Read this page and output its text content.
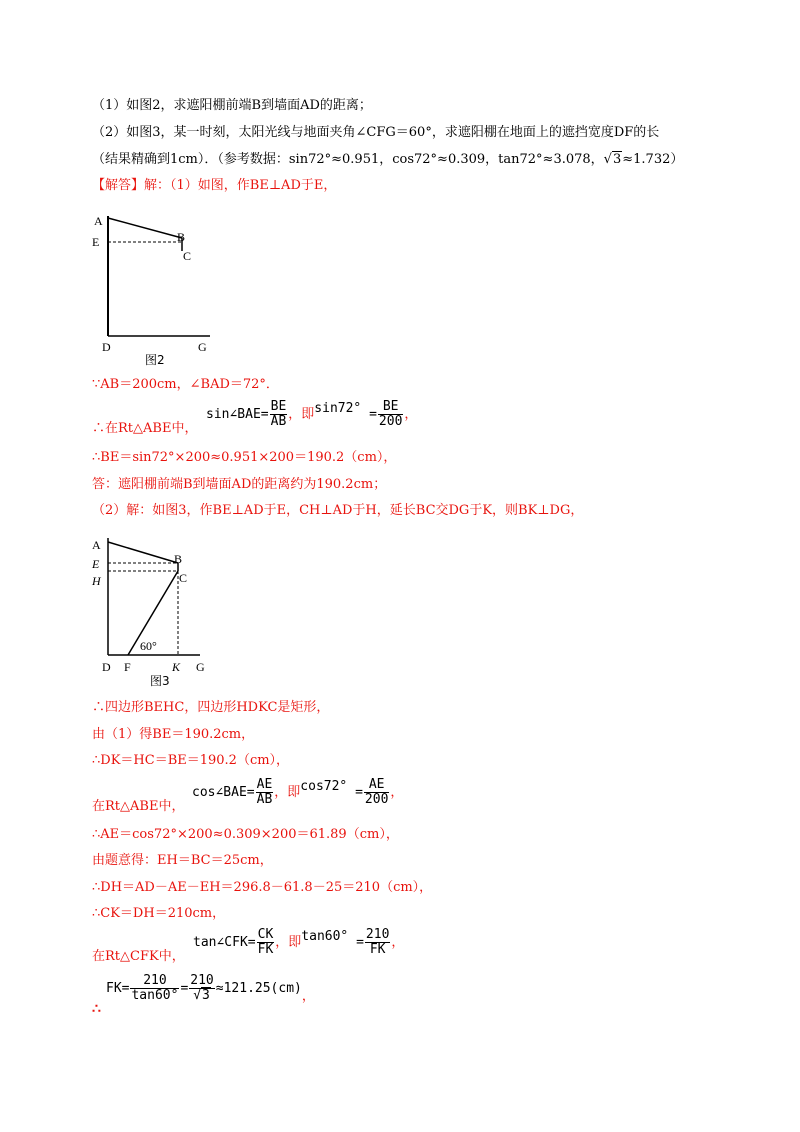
（1）如图2，求遮阳棚前端B到墙面AD的距离；
（2）如图3，某一时刻，太阳光线与地面夹角∠CFG＝60°，求遮阳棚在地面上的遮挡宽度DF的长
（结果精确到1cm）．（参考数据：sin72°≈0.951，cos72°≈0.309，tan72°≈3.078，√3≈1.732）
【解答】解：（1）如图，作BE⊥AD于E，
A
E	B
C
D	G
图2
∵AB＝200cm，∠BAD＝72°．
∴在Rt△ABE中，
sin∠BAE= $\frac{BE}{AB}$ ，即$\sin 72^\circ = \frac{BE}{200}$ ，
∴BE＝sin72°×200≈0.951×200＝190.2（cm），
答：遮阳棚前端B到墙面AD的距离约为190.2cm；
（2）解：如图3，作BE⊥AD于E，CH⊥AD于H，延长BC交DG于K，则BK⊥DG，
A
B
E
H	C
60°
D F	K G
图3
∴四边形BEHC，四边形HDKC是矩形，
由（1）得BE＝190.2cm，
∴DK＝HC＝BE＝190.2（cm），
在Rt△ABE中，
cos∠BAE= $\frac{AE}{AB}$ ，即$\cos 72^\circ = \frac{AE}{200}$ ，
∴AE＝cos72°×200≈0.309×200＝61.89（cm），
由题意得：EH＝BC＝25cm，
∴DH＝AD－AE－EH＝296.8－61.8－25＝210（cm），
∴CK＝DH＝210cm，
在Rt△CFK中，
tan∠CFK= $\frac{CK}{FK}$ ，即$\tan 60^\circ = \frac{210}{FK}$ ，
∴
$FK= \frac{210}{\tan 60^\circ} = \frac{210}{√3} \approx 121.25(cm)$，
